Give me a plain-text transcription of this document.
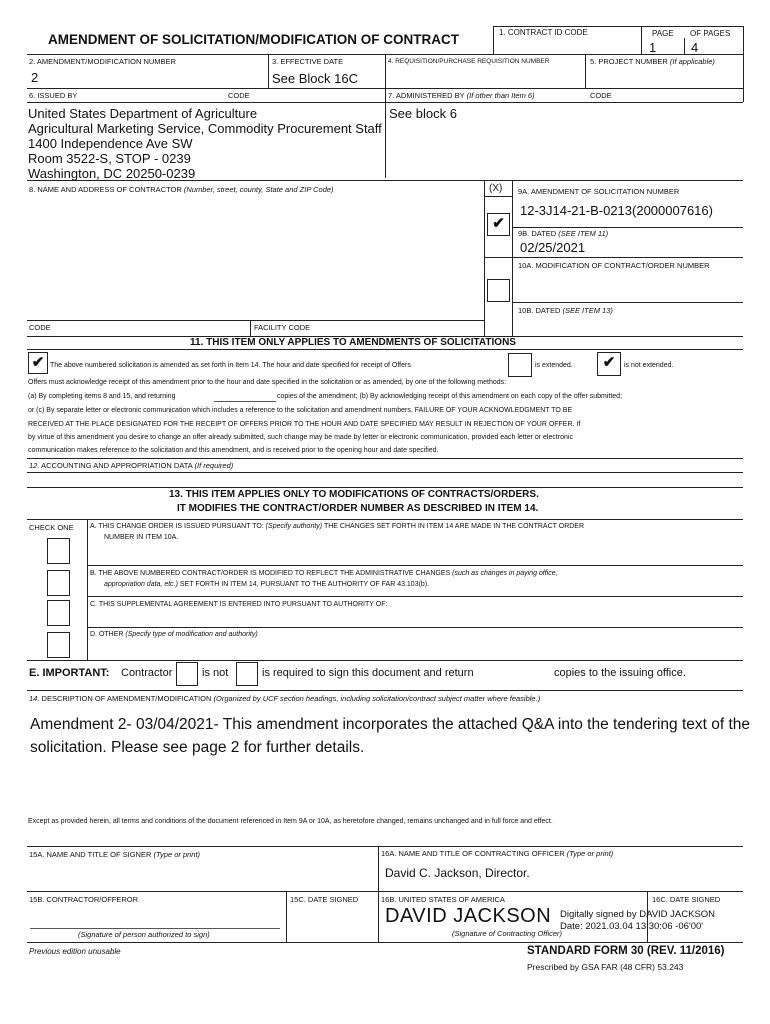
AMENDMENT OF SOLICITATION/MODIFICATION OF CONTRACT	1. CONTRACT ID CODE	PAGE OF PAGES
1	4
2. AMENDMENT/MODIFICATION NUMBER
2
3. EFFECTIVE DATE
See Block 16C
4. REQUISITION/PURCHASE REQUISITION NUMBER	5. PROJECT NUMBER (If applicable)
6. ISSUED BY	CODE	7. ADMINISTERED BY (If other than Item 6)	CODE
United States Department of Agriculture
Agricultural Marketing Service, Commodity Procurement Staff
1400 Independence Ave SW
Room 3522-S, STOP - 0239
Washington, DC 20250-0239
See block 6
8. NAME AND ADDRESS OF CONTRACTOR (Number, street, county, State and ZIP Code)	(X) 9A. AMENDMENT OF SOLICITATION NUMBER
12-3J14-21-B-0213(2000007616)
✔
9B. DATED (SEE ITEM 11)
02/25/2021
10A. MODIFICATION OF CONTRACT/ORDER NUMBER
10B. DATED (SEE ITEM 13)
CODE	FACILITY CODE
11. THIS ITEM ONLY APPLIES TO AMENDMENTS OF SOLICITATIONS
✔ The above numbered solicitation is amended as set forth in Item 14. The hour and date specified for receipt of Offers	is extended.	✔	is not extended.
Offers must acknowledge receipt of this amendment prior to the hour and date specified in the solicitation or as amended, by one of the following methods:
(a) By completing items 8 and 15, and returning	copies of the amendment; (b) By acknowledging receipt of this amendment on each copy of the offer submitted;
or (c) By separate letter or electronic communication which includes a reference to the solicitation and amendment numbers. FAILURE OF YOUR ACKNOWLEDGMENT TO BE
RECEIVED AT THE PLACE DESIGNATED FOR THE RECEIPT OF OFFERS PRIOR TO THE HOUR AND DATE SPECIFIED MAY RESULT IN REJECTION OF YOUR OFFER. If
by virtue of this amendment you desire to change an offer already submitted, such change may be made by letter or electronic communication, provided each letter or electronic
communication makes reference to the solicitation and this amendment, and is received prior to the opening hour and date specified.
12. ACCOUNTING AND APPROPRIATION DATA (If required)
13. THIS ITEM APPLIES ONLY TO MODIFICATIONS OF CONTRACTS/ORDERS.
IT MODIFIES THE CONTRACT/ORDER NUMBER AS DESCRIBED IN ITEM 14.
CHECK ONE A. THIS CHANGE ORDER IS ISSUED PURSUANT TO: (Specify authority) THE CHANGES SET FORTH IN ITEM 14 ARE MADE IN THE CONTRACT ORDER
NUMBER IN ITEM 10A.
B. THE ABOVE NUMBERED CONTRACT/ORDER IS MODIFIED TO REFLECT THE ADMINISTRATIVE CHANGES (such as changes in paying office,
appropriation data, etc.) SET FORTH IN ITEM 14, PURSUANT TO THE AUTHORITY OF FAR 43.103(b).
C. THIS SUPPLEMENTAL AGREEMENT IS ENTERED INTO PURSUANT TO AUTHORITY OF:
D. OTHER (Specify type of modification and authority)
E. IMPORTANT: Contractor	is not	is required to sign this document and return	copies to the issuing office.
14. DESCRIPTION OF AMENDMENT/MODIFICATION (Organized by UCF section headings, including solicitation/contract subject matter where feasible.)
Amendment 2- 03/04/2021- This amendment incorporates the attached Q&A into the tendering text of the
solicitation. Please see page 2 for further details.
Except as provided herein, all terms and conditions of the document referenced in Item 9A or 10A, as heretofore changed, remains unchanged and in full force and effect.
15A. NAME AND TITLE OF SIGNER (Type or print)	16A. NAME AND TITLE OF CONTRACTING OFFICER (Type or print)
David C. Jackson, Director.
15B. CONTRACTOR/OFFEROR	15C. DATE SIGNED	16B. UNITED STATES OF AMERICA	16C. DATE SIGNED
DAVID JACKSON Digitally signed by DAVID JACKSON
Date: 2021.03.04 13:30:06 -06'00'
(Signature of person authorized to sign)	(Signature of Contracting Officer)
Previous edition unusable	STANDARD FORM 30 (REV. 11/2016)
Prescribed by GSA FAR (48 CFR) 53.243
